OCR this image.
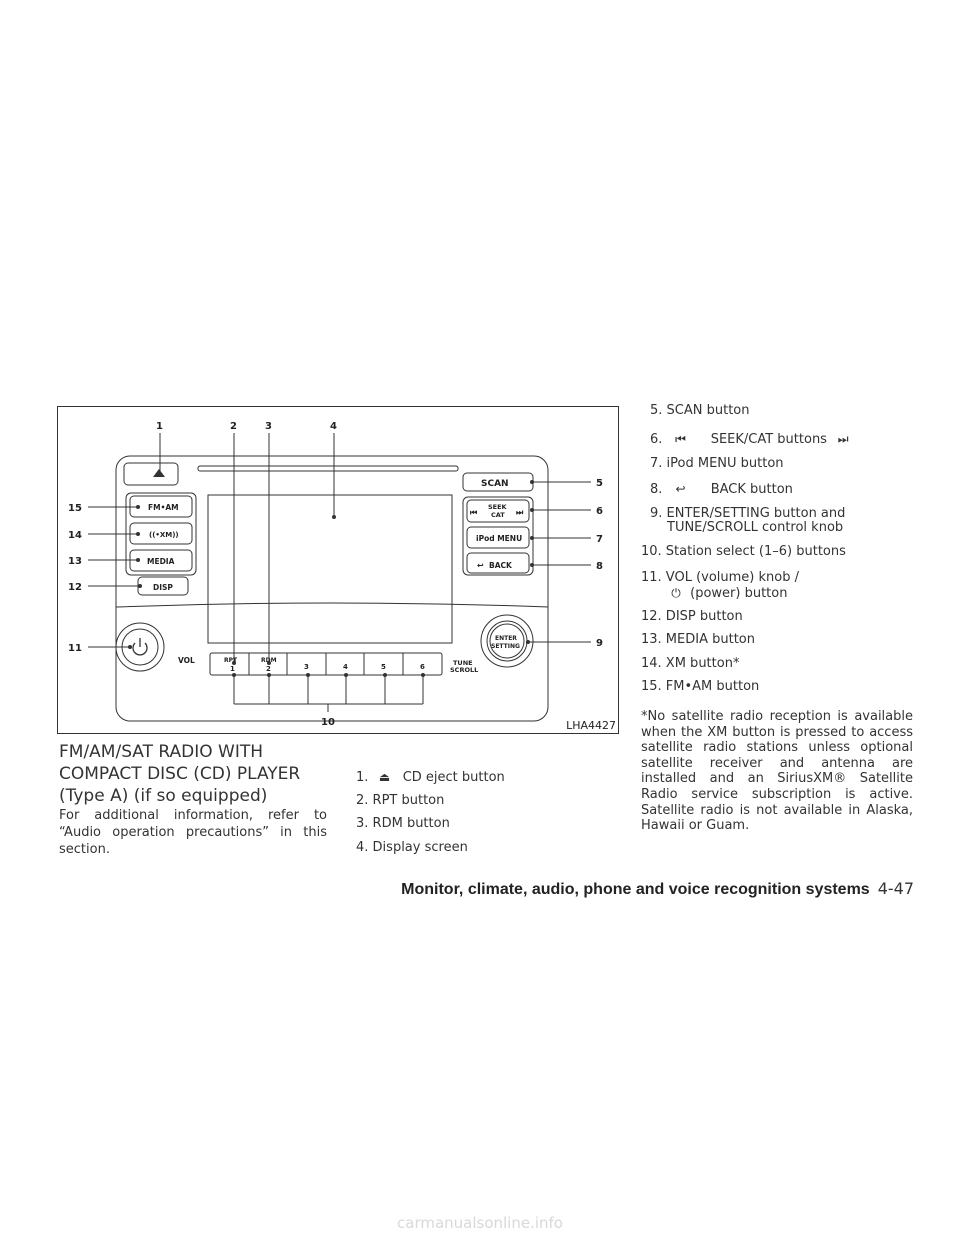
1	2	3	4
5
6
7
8
9
10
11
12
13
14
15
SCAN
SEEK
CAT
⏮	⏭
iPod MENU
↩ BACK
FM•AM
((•XM))
MEDIA
DISP
VOL
ENTER
SETTING
TUNE
SCROLL
RPT	RDM
1	2	3	4	5	6
LHA4427
FM/AM/SAT RADIO WITH
COMPACT DISC (CD) PLAYER
(Type A) (if so equipped)
For additional information, refer to “Audio operation precautions” in this section.
1. ⏏ CD eject button
2. RPT button
3. RDM button
4. Display screen
5. SCAN button
6. ⏮ SEEK/CAT buttons ⏭
7. iPod MENU button
8. ↩ BACK button
9. ENTER/SETTING button and
TUNE/SCROLL control knob
10. Station select (1–6) buttons
11. VOL (volume) knob /
⏻ (power) button
12. DISP button
13. MEDIA button
14. XM button*
15. FM•AM button
*No satellite radio reception is available when the XM button is pressed to access satellite radio stations unless optional satellite receiver and antenna are installed and an SiriusXM® Satellite Radio service subscription is active. Satellite radio is not available in Alaska, Hawaii or Guam.
Monitor, climate, audio, phone and voice recognition systems 4-47
carmanualsonline.info
